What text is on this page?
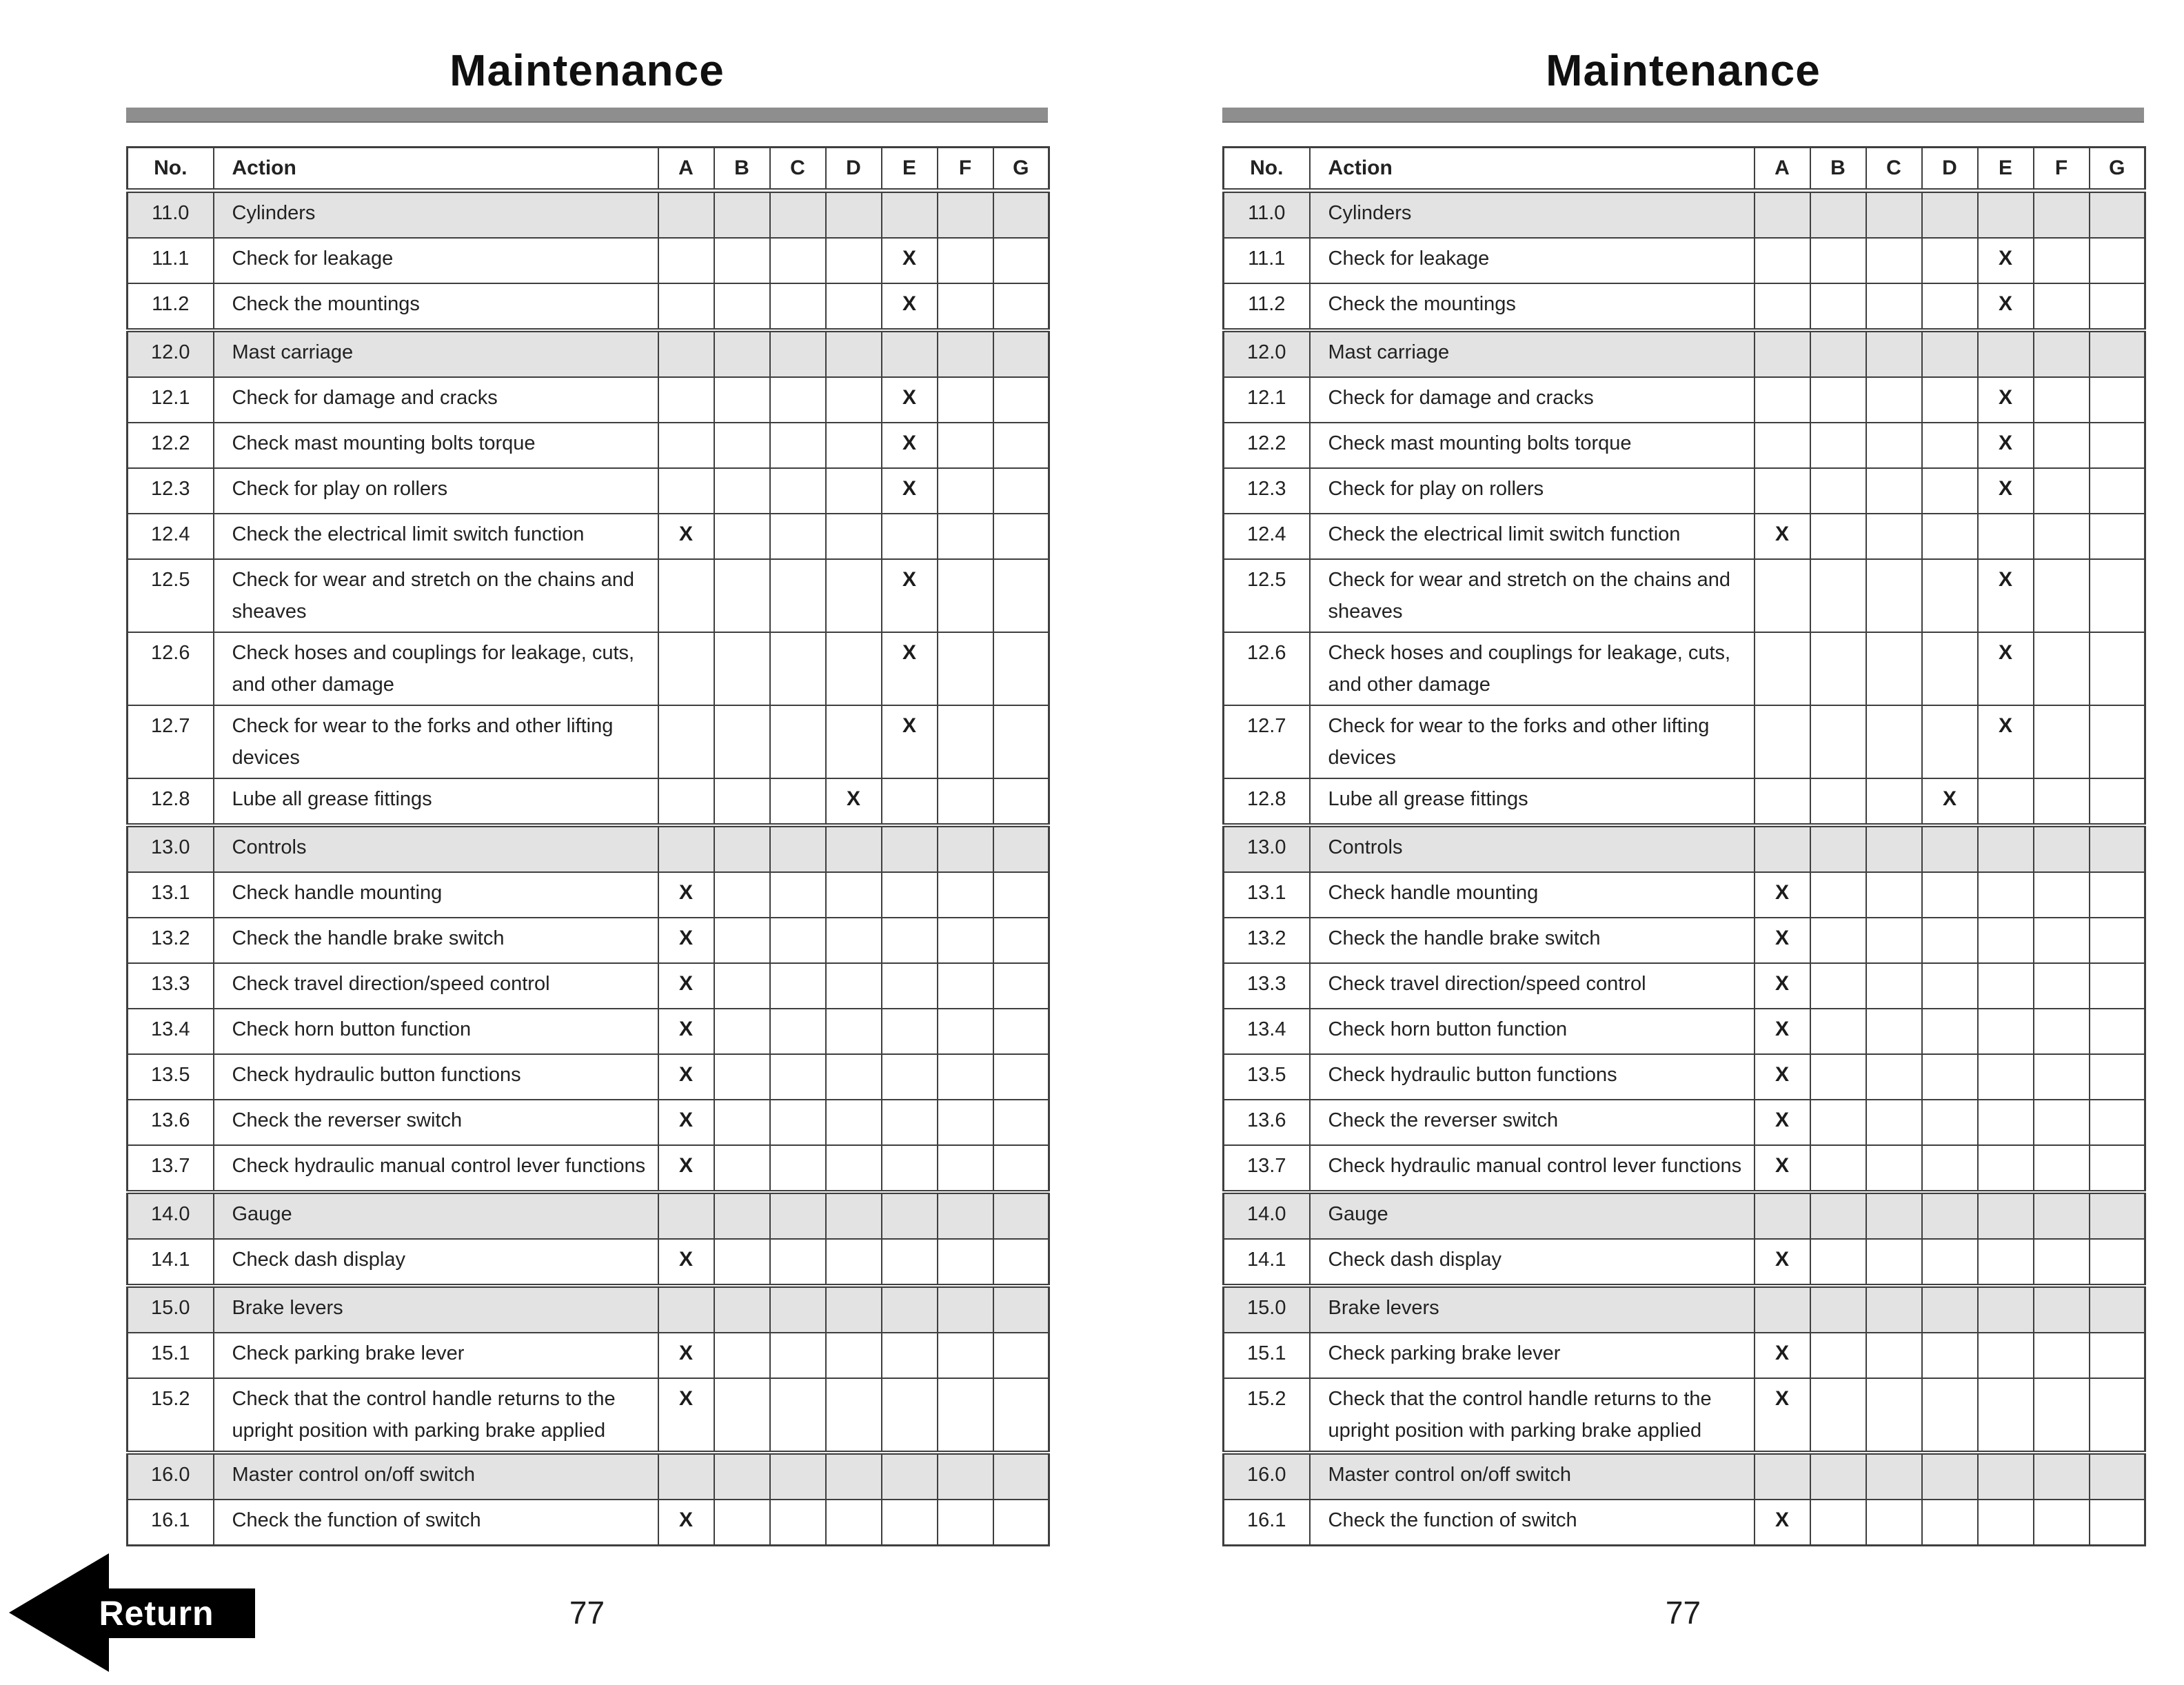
Maintenance
No.	Action	A	B	C	D	E	F	G
11.0	Cylinders							
11.1	Check for leakage					X		
11.2	Check the mountings					X		
12.0	Mast carriage							
12.1	Check for damage and cracks					X		
12.2	Check mast mounting bolts torque					X		
12.3	Check for play on rollers					X		
12.4	Check the electrical limit switch function	X						
12.5	Check for wear and stretch on the chains and sheaves					X		
12.6	Check hoses and couplings for leakage, cuts, and other damage					X		
12.7	Check for wear to the forks and other lifting devices					X		
12.8	Lube all grease fittings				X			
13.0	Controls							
13.1	Check handle mounting	X						
13.2	Check the handle brake switch	X						
13.3	Check travel direction/speed control	X						
13.4	Check horn button function	X						
13.5	Check hydraulic button functions	X						
13.6	Check the reverser switch	X						
13.7	Check hydraulic manual control lever functions	X						
14.0	Gauge							
14.1	Check dash display	X						
15.0	Brake levers							
15.1	Check parking brake lever	X						
15.2	Check that the control handle returns to the upright position with parking brake applied	X						
16.0	Master control on/off switch							
16.1	Check the function of switch	X						
77
Maintenance
No.	Action	A	B	C	D	E	F	G
11.0	Cylinders							
11.1	Check for leakage					X		
11.2	Check the mountings					X		
12.0	Mast carriage							
12.1	Check for damage and cracks					X		
12.2	Check mast mounting bolts torque					X		
12.3	Check for play on rollers					X		
12.4	Check the electrical limit switch function	X						
12.5	Check for wear and stretch on the chains and sheaves					X		
12.6	Check hoses and couplings for leakage, cuts, and other damage					X		
12.7	Check for wear to the forks and other lifting devices					X		
12.8	Lube all grease fittings				X			
13.0	Controls							
13.1	Check handle mounting	X						
13.2	Check the handle brake switch	X						
13.3	Check travel direction/speed control	X						
13.4	Check horn button function	X						
13.5	Check hydraulic button functions	X						
13.6	Check the reverser switch	X						
13.7	Check hydraulic manual control lever functions	X						
14.0	Gauge							
14.1	Check dash display	X						
15.0	Brake levers							
15.1	Check parking brake lever	X						
15.2	Check that the control handle returns to the upright position with parking brake applied	X						
16.0	Master control on/off switch							
16.1	Check the function of switch	X						
77
Return
